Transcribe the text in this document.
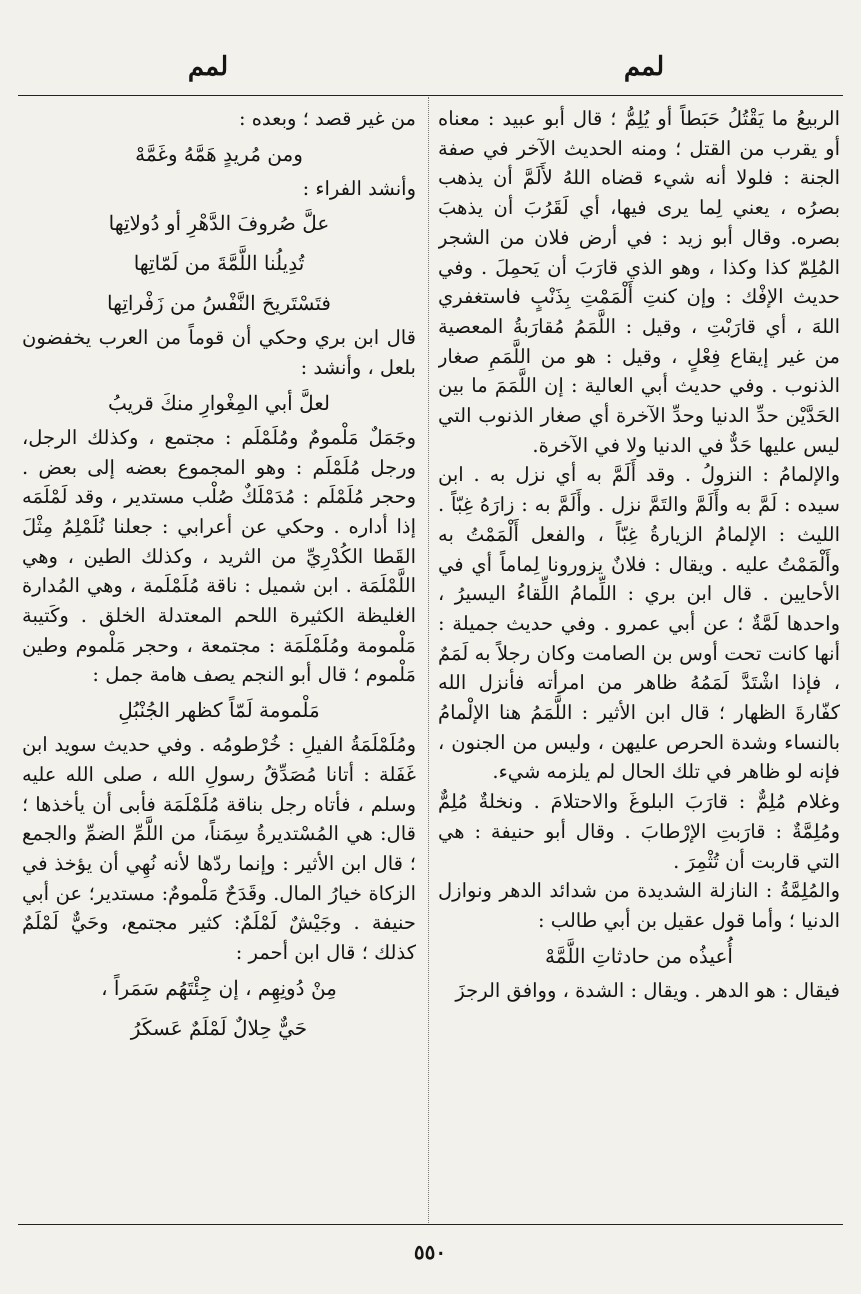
لمم
لمم

الربيعُ ما يَقْتُلُ حَبَطاً أو يُلِمُّ ؛ قال أبو عبيد : معناه أو يقرب من القتل ؛ ومنه الحديث الآخر في صفة الجنة : فلولا أنه شيء قضاه اللهُ لأَلَمَّ أن يذهب بصرُه ، يعني لِما يرى فيها، أي لَقَرُبَ أن يذهبَ بصره. وقال أبو زيد : في أرض فلان من الشجر المُلِمّ كذا وكذا ، وهو الذي قارَبَ أن يَحمِلَ . وفي حديث الإفْك : وإن كنتِ أَلْمَمْتِ بِذَنْبٍ فاستغفري اللهَ ، أي قارَبْتِ ، وقيل : اللَّمَمُ مُقارَبةُ المعصية من غير إيقاع فِعْلٍ ، وقيل : هو من اللَّمَمِ صغار الذنوب . وفي حديث أبي العالية : إن اللَّمَمَ ما بين الحَدَّيْن حدِّ الدنيا وحدِّ الآخرة أي صغار الذنوب التي ليس عليها حَدٌّ في الدنيا ولا في الآخرة.

والإلمامُ : النزولُ . وقد أَلَمَّ به أي نزل به . ابن سيده : لَمَّ به وأَلَمَّ والتَمَّ نزل . وأَلَمَّ به : زارَهُ غِبّاً . الليث : الإلمامُ الزيارةُ غِبّاً ، والفعل أَلْمَمْتُ به وأَلْمَمْتُ عليه . ويقال : فلانٌ يزورونا لِماماً أي في الأحايين . قال ابن بري : اللِّمامُ اللِّقاءُ اليسيرُ ، واحدها لَمَّةٌ ؛ عن أبي عمرو . وفي حديث جميلة : أنها كانت تحت أوس بن الصامت وكان رجلاً به لَمَمٌ ، فإذا اشْتَدَّ لَمَمُهُ ظاهر من امرأته فأنزل الله كفّارةَ الظهار ؛ قال ابن الأثير : اللَّمَمُ هنا الإلْمامُ بالنساء وشدة الحرص عليهن ، وليس من الجنون ، فإنه لو ظاهر في تلك الحال لم يلزمه شيء.

وغلام مُلِمٌّ : قارَبَ البلوغَ والاحتلامَ . ونخلةٌ مُلِمٌّ ومُلِمَّةٌ : قارَبتِ الإرْطابَ . وقال أبو حنيفة : هي التي قاربت أن تُثْمِرَ .

والمُلِمَّةُ : النازلة الشديدة من شدائد الدهر ونوازل الدنيا ؛ وأما قول عقيل بن أبي طالب :

أُعيذُه من حادثاتِ اللَّمَّهْ

فيقال : هو الدهر . ويقال : الشدة ، ووافق الرجزَ

من غير قصد ؛ وبعده :

ومن مُريدٍ هَمَّهُ وغَمَّهْ

وأنشد الفراء :

علَّ صُروفَ الدَّهْرِ أو دُولاتِها

تُدِيلُنا اللَّمَّةَ من لَمّاتِها

فتَسْتَريحَ النَّفْسُ من زَفْراتِها

قال ابن بري وحكي أن قوماً من العرب يخفضون بلعل ، وأنشد :

لعلَّ أبي المِغْوارِ منكَ قريبُ

وجَمَلٌ مَلْمومٌ ومُلَمْلَم : مجتمع ، وكذلك الرجل، ورجل مُلَمْلَم : وهو المجموع بعضه إلى بعض . وحجر مُلَمْلَم : مُدَمْلَكٌ صُلْب مستدير ، وقد لَمْلَمَه إذا أداره . وحكي عن أعرابي : جعلنا نُلَمْلِمُ مِثْلَ القَطا الكُدْرِيِّ من الثريد ، وكذلك الطين ، وهي اللَّمْلَمَة . ابن شميل : ناقة مُلَمْلَمة ، وهي المُدارة الغليظة الكثيرة اللحم المعتدلة الخلق . وكَتيبة مَلْمومة ومُلَمْلَمَة : مجتمعة ، وحجر مَلْموم وطين مَلْموم ؛ قال أبو النجم يصف هامة جمل :

مَلْمومة لَمّاً كظهر الجُنْبُلِ

ومُلَمْلَمَةُ الفيلِ : خُرْطومُه . وفي حديث سويد ابن غَفَلة : أتانا مُصَدِّقُ رسولِ الله ، صلى الله عليه وسلم ، فأتاه رجل بناقة مُلَمْلَمَة فأبى أن يأخذها ؛ قال: هي المُسْتديرةُ سِمَناً، من اللَّمِّ الضمِّ والجمع ؛ قال ابن الأثير : وإنما ردّها لأنه نُهِي أن يؤخذ في الزكاة خيارُ المال. وقَدَحٌ مَلْمومٌ: مستدير؛ عن أبي حنيفة . وجَيْشٌ لَمْلَمٌ: كثير مجتمع، وحَيٌّ لَمْلَمٌ كذلك ؛ قال ابن أحمر :

مِنْ دُونِهِم ، إن جِئْتَهُم سَمَراً ،

حَيٌّ حِلالٌ لَمْلَمٌ عَسكَرُ

٥٥٠
